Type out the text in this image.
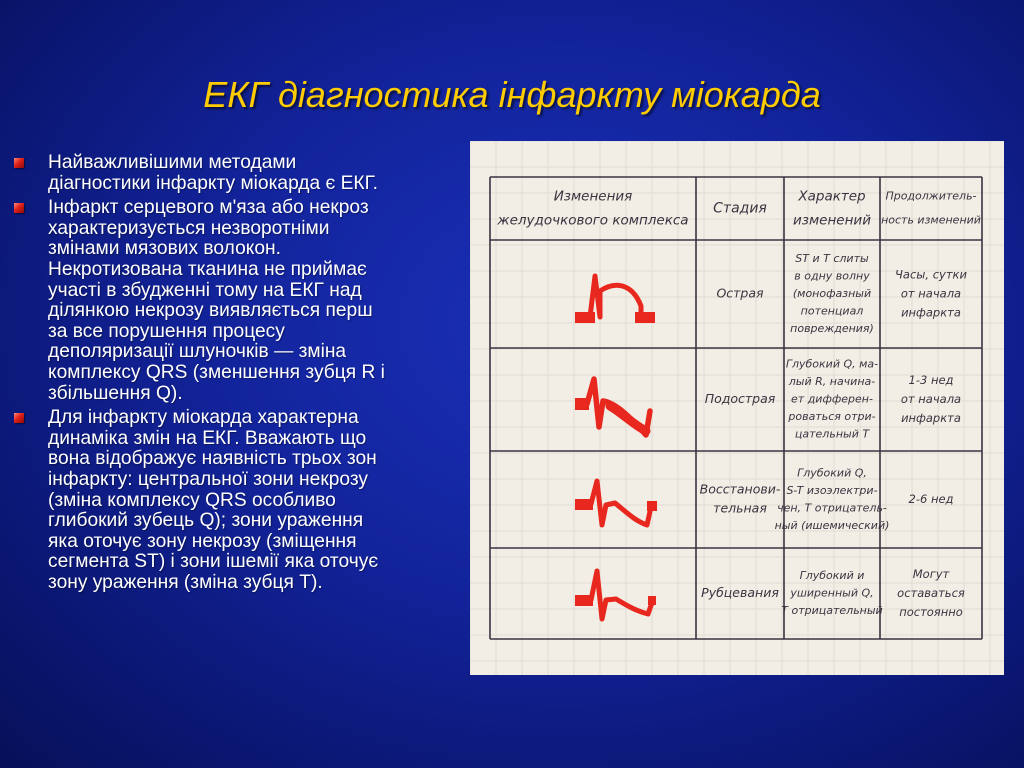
ЕКГ діагностика інфаркту міокарда
Найважливішими методами
діагностики інфаркту міокарда є ЕКГ.
Інфаркт серцевого м'яза або некроз
характеризується незворотніми
змінами мязових волокон.
Некротизована тканина не приймає
участі в збудженні тому на ЕКГ над
ділянкою некрозу виявляється перш
за все порушення процесу
деполяризації шлуночків — зміна
комплексу QRS (зменшення зубця R і
збільшення Q).
Для інфаркту міокарда характерна
динаміка змін на ЕКГ. Вважають що
вона відображує наявність трьох зон
інфаркту: центральної зони некрозу
(зміна комплексу QRS особливо
глибокий зубець Q); зони ураження
яка оточує зону некрозу (зміщення
сегмента ST) і зони ішемії яка оточує
зону ураження (зміна зубця T).
Изменения
желудочкового комплекса
Стадия
Характер
изменений
Продолжитель-
ность изменений
Острая
ST и T слиты
в одну волну
(монофазный
потенциал
повреждения)
Часы, сутки
от начала
инфаркта
Подострая
Глубокий Q, ма-
лый R, начина-
ет дифферен-
роваться отри-
цательный T
1-3 нед
от начала
инфаркта
Восстанови-
тельная
Глубокий Q,
S-T изоэлектри-
чен, Т отрицатель-
ный (ишемический)
2-6 нед
Рубцевания
Глубокий и
уширенный Q,
Т отрицательный
Могут
оставаться
постоянно
